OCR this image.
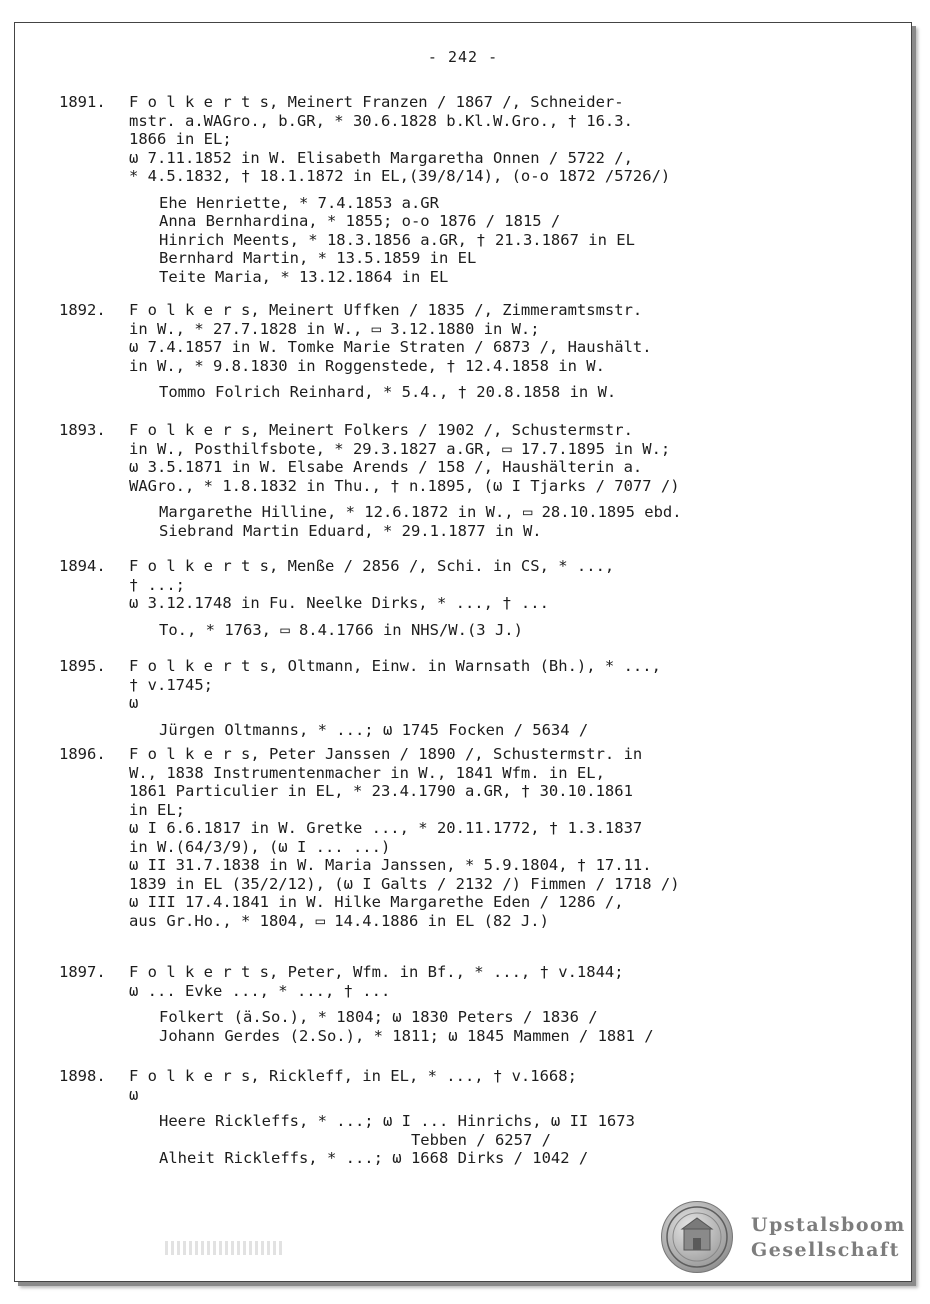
- 242 -
1891. F o l k e r t s, Meinert Franzen / 1867 /, Schneider-
mstr. a.WAGro., b.GR, * 30.6.1828 b.Kl.W.Gro., † 16.3.
1866 in EL;
ω 7.11.1852 in W. Elisabeth Margaretha Onnen / 5722 /,
* 4.5.1832, † 18.1.1872 in EL,(39/8/14), (o-o 1872 /5726/)
Ehe Henriette, * 7.4.1853 a.GR
Anna Bernhardina, * 1855; o-o 1876 / 1815 /
Hinrich Meents, * 18.3.1856 a.GR, † 21.3.1867 in EL
Bernhard Martin, * 13.5.1859 in EL
Teite Maria, * 13.12.1864 in EL
1892. F o l k e r s, Meinert Uffken / 1835 /, Zimmeramtsmstr.
in W., * 27.7.1828 in W., ▭ 3.12.1880 in W.;
ω 7.4.1857 in W. Tomke Marie Straten / 6873 /, Haushält.
in W., * 9.8.1830 in Roggenstede, † 12.4.1858 in W.
Tommo Folrich Reinhard, * 5.4., † 20.8.1858 in W.
1893. F o l k e r s, Meinert Folkers / 1902 /, Schustermstr.
in W., Posthilfsbote, * 29.3.1827 a.GR, ▭ 17.7.1895 in W.;
ω 3.5.1871 in W. Elsabe Arends / 158 /, Haushälterin a.
WAGro., * 1.8.1832 in Thu., † n.1895, (ω I Tjarks / 7077 /)
Margarethe Hilline, * 12.6.1872 in W., ▭ 28.10.1895 ebd.
Siebrand Martin Eduard, * 29.1.1877 in W.
1894. F o l k e r t s, Menße / 2856 /, Schi. in CS, * ...,
† ...;
ω 3.12.1748 in Fu. Neelke Dirks, * ..., † ...
To., * 1763, ▭ 8.4.1766 in NHS/W.(3 J.)
1895. F o l k e r t s, Oltmann, Einw. in Warnsath (Bh.), * ...,
† v.1745;
ω
Jürgen Oltmanns, * ...; ω 1745 Focken / 5634 /
1896. F o l k e r s, Peter Janssen / 1890 /, Schustermstr. in
W., 1838 Instrumentenmacher in W., 1841 Wfm. in EL,
1861 Particulier in EL, * 23.4.1790 a.GR, † 30.10.1861
in EL;
ω I 6.6.1817 in W. Gretke ..., * 20.11.1772, † 1.3.1837
in W.(64/3/9), (ω I ... ...)
ω II 31.7.1838 in W. Maria Janssen, * 5.9.1804, † 17.11.
1839 in EL (35/2/12), (ω I Galts / 2132 /) Fimmen / 1718 /)
ω III 17.4.1841 in W. Hilke Margarethe Eden / 1286 /,
aus Gr.Ho., * 1804, ▭ 14.4.1886 in EL (82 J.)
1897. F o l k e r t s, Peter, Wfm. in Bf., * ..., † v.1844;
ω ... Evke ..., * ..., † ...
Folkert (ä.So.), * 1804; ω 1830 Peters / 1836 /
Johann Gerdes (2.So.), * 1811; ω 1845 Mammen / 1881 /
1898. F o l k e r s, Rickleff, in EL, * ..., † v.1668;
ω
Heere Rickleffs, * ...; ω I ... Hinrichs, ω II 1673
Tebben / 6257 /
Alheit Rickleffs, * ...; ω 1668 Dirks / 1042 /
Upstalsboom
Gesellschaft
